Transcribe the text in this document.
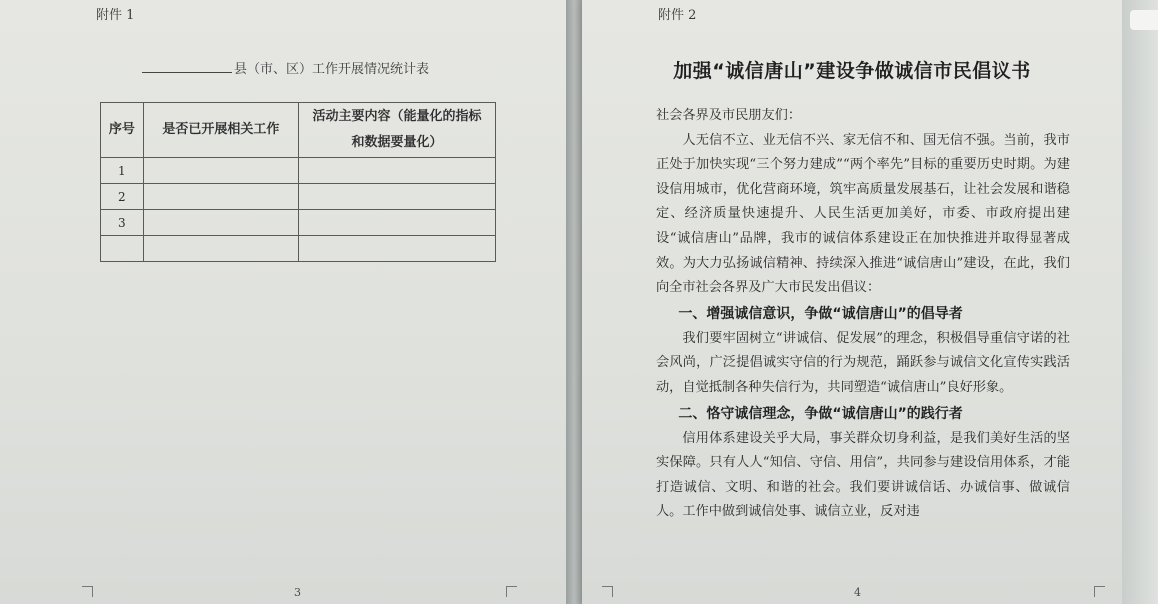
附件 1
县（市、区）工作开展情况统计表
序号	是否已开展相关工作	活动主要内容（能量化的指标
和数据要量化）

1		
2		
3		

3
附件 2
加强“诚信唐山”建设争做诚信市民倡议书

社会各界及市民朋友们：

人无信不立、业无信不兴、家无信不和、国无信不强。当前，我市正处于加快实现“三个努力建成”“两个率先”目标的重要历史时期。为建设信用城市，优化营商环境，筑牢高质量发展基石，让社会发展和谐稳定、经济质量快速提升、人民生活更加美好，市委、市政府提出建设“诚信唐山”品牌，我市的诚信体系建设正在加快推进并取得显著成效。为大力弘扬诚信精神、持续深入推进“诚信唐山”建设，在此，我们向全市社会各界及广大市民发出倡议：

一、增强诚信意识，争做“诚信唐山”的倡导者

我们要牢固树立“讲诚信、促发展”的理念，积极倡导重信守诺的社会风尚，广泛提倡诚实守信的行为规范，踊跃参与诚信文化宣传实践活动，自觉抵制各种失信行为，共同塑造“诚信唐山”良好形象。

二、恪守诚信理念，争做“诚信唐山”的践行者

信用体系建设关乎大局，事关群众切身利益，是我们美好生活的坚实保障。只有人人“知信、守信、用信”，共同参与建设信用体系，才能打造诚信、文明、和谐的社会。我们要讲诚信话、办诚信事、做诚信人。工作中做到诚信处事、诚信立业，反对违

4
